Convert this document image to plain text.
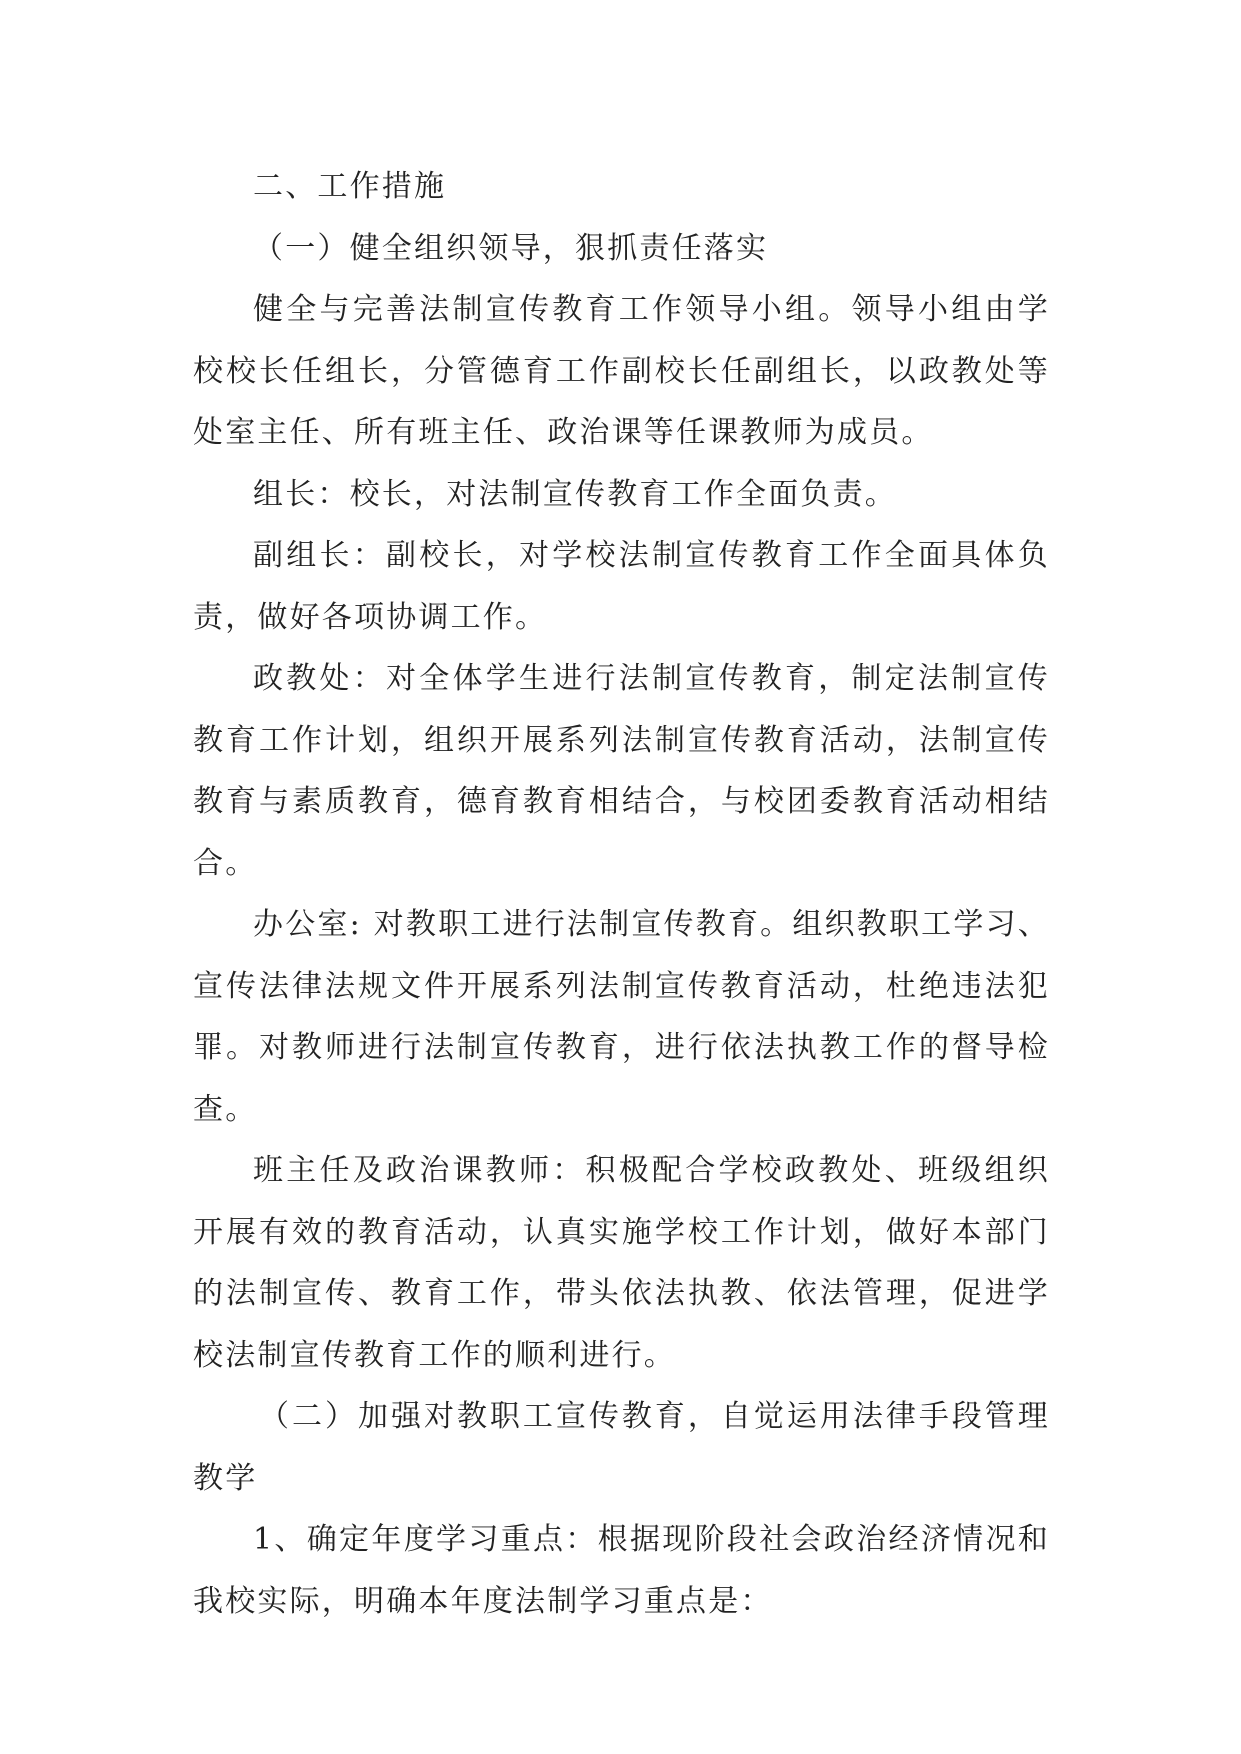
二、工作措施

（一）健全组织领导，狠抓责任落实

健全与完善法制宣传教育工作领导小组。领导小组由学校校长任组长，分管德育工作副校长任副组长，以政教处等处室主任、所有班主任、政治课等任课教师为成员。

组长：校长，对法制宣传教育工作全面负责。

副组长：副校长，对学校法制宣传教育工作全面具体负责，做好各项协调工作。

政教处：对全体学生进行法制宣传教育，制定法制宣传教育工作计划，组织开展系列法制宣传教育活动，法制宣传教育与素质教育，德育教育相结合，与校团委教育活动相结合。

办公室: 对教职工进行法制宣传教育。组织教职工学习、宣传法律法规文件开展系列法制宣传教育活动，杜绝违法犯罪。对教师进行法制宣传教育，进行依法执教工作的督导检查。

班主任及政治课教师：积极配合学校政教处、班级组织开展有效的教育活动，认真实施学校工作计划，做好本部门的法制宣传、教育工作，带头依法执教、依法管理，促进学校法制宣传教育工作的顺利进行。

（二）加强对教职工宣传教育，自觉运用法律手段管理教学

1、确定年度学习重点：根据现阶段社会政治经济情况和我校实际，明确本年度法制学习重点是：
